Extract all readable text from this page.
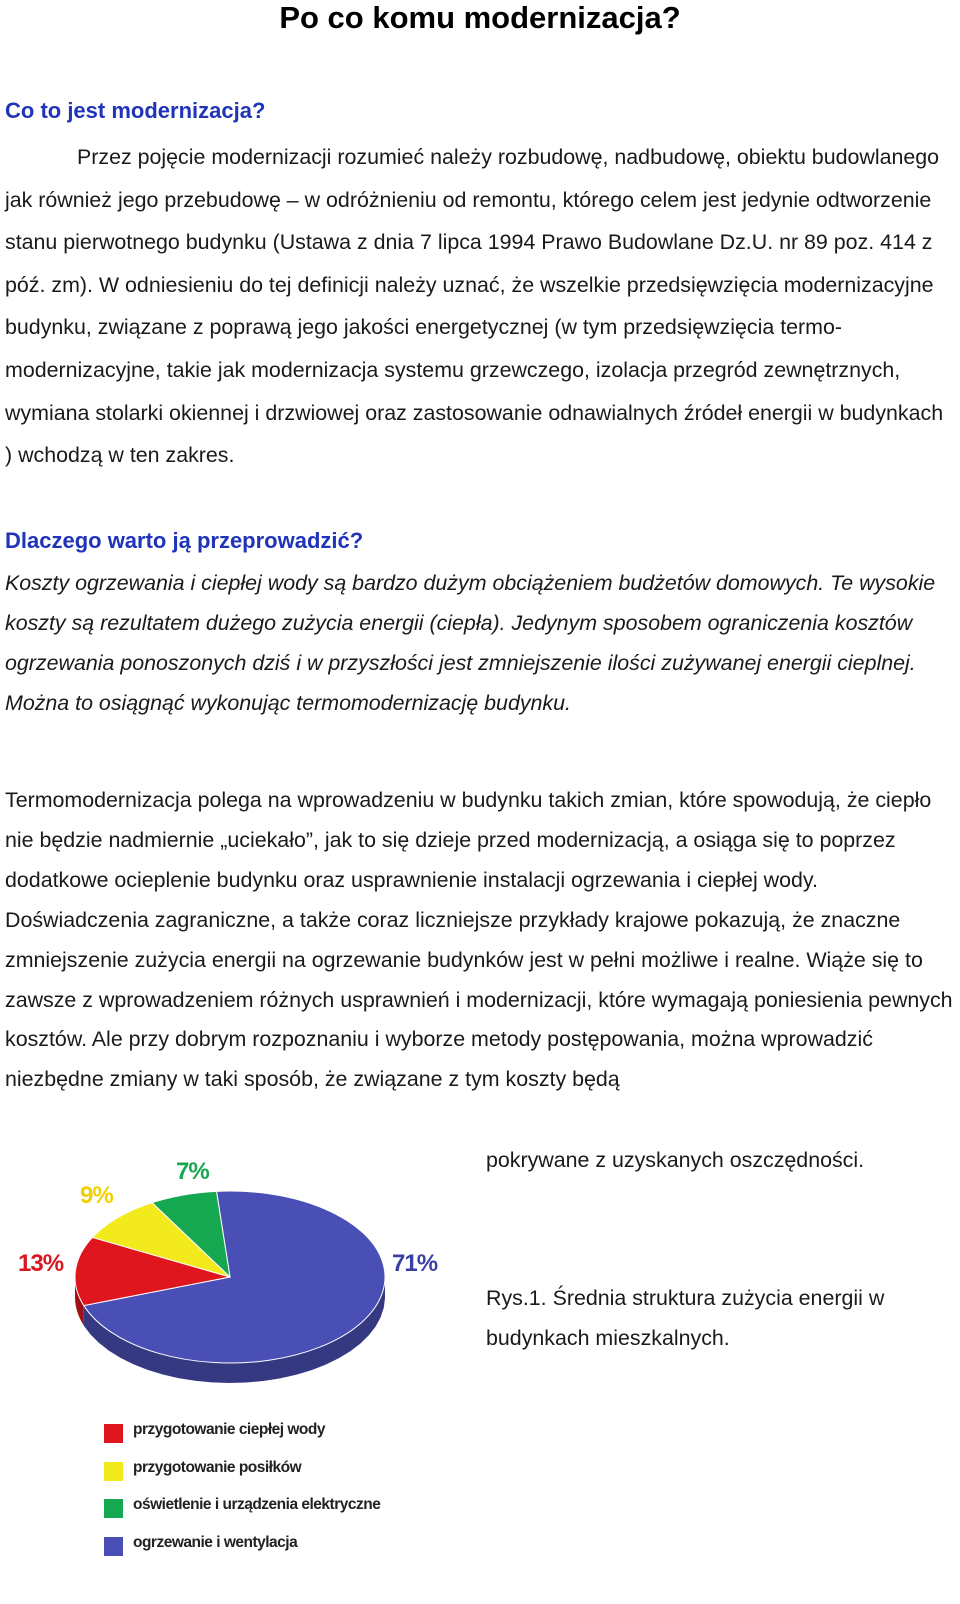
Po co komu modernizacja?
Co to jest modernizacja?

Przez pojęcie modernizacji rozumieć należy rozbudowę, nadbudowę, obiektu budowlanego jak również jego przebudowę – w odróżnieniu od remontu, którego celem jest jedynie odtworzenie stanu pierwotnego budynku (Ustawa z dnia 7 lipca 1994 Prawo Budowlane Dz.U. nr 89 poz. 414 z póź. zm). W odniesieniu do tej definicji należy uznać, że wszelkie przedsięwzięcia modernizacyjne budynku, związane z poprawą jego jakości energetycznej (w tym przedsięwzięcia termo-modernizacyjne, takie jak modernizacja systemu grzewczego, izolacja przegród zewnętrznych, wymiana stolarki okiennej i drzwiowej oraz zastosowanie odnawialnych źródeł energii w budynkach ) wchodzą w ten zakres.

Dlaczego warto ją przeprowadzić?

Koszty ogrzewania i ciepłej wody są bardzo dużym obciążeniem budżetów domowych. Te wysokie koszty są rezultatem dużego zużycia energii (ciepła). Jedynym sposobem ograniczenia kosztów ogrzewania ponoszonych dziś i w przyszłości jest zmniejszenie ilości zużywanej energii cieplnej. Można to osiągnąć wykonując termomodernizację budynku.

Termomodernizacja polega na wprowadzeniu w budynku takich zmian, które spowodują, że ciepło nie będzie nadmiernie „uciekało”, jak to się dzieje przed modernizacją, a osiąga się to poprzez dodatkowe ocieplenie budynku oraz usprawnienie instalacji ogrzewania i ciepłej wody. Doświadczenia zagraniczne, a także coraz liczniejsze przykłady krajowe pokazują, że znaczne zmniejszenie zużycia energii na ogrzewanie budynków jest w pełni możliwe i realne. Wiąże się to zawsze z wprowadzeniem różnych usprawnień i modernizacji, które wymagają poniesienia pewnych kosztów. Ale przy dobrym rozpoznaniu i wyborze metody postępowania, można wprowadzić niezbędne zmiany w taki sposób, że związane z tym koszty będą

pokrywane z uzyskanych oszczędności.

71%
13%
9%
7%
przygotowanie ciepłej wody
przygotowanie posiłków
oświetlenie i urządzenia elektryczne
ogrzewanie i wentylacja

Rys.1. Średnia struktura zużycia energii w budynkach mieszkalnych.
